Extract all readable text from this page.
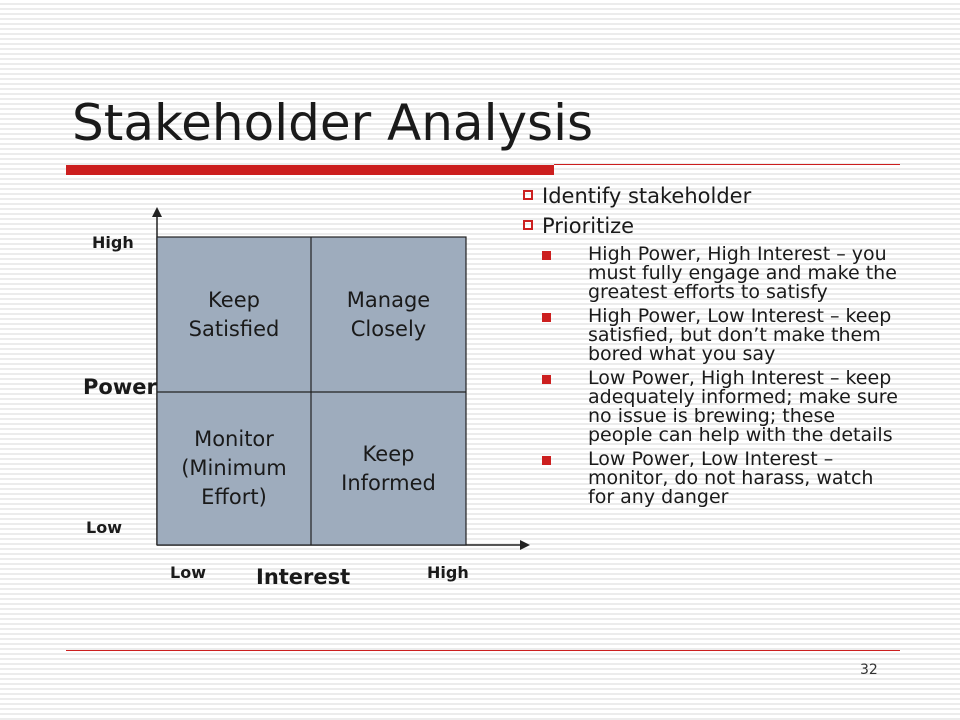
Stakeholder Analysis
Keep
Satisfied
Manage
Closely
Monitor
(Minimum
Effort)
Keep
Informed
High
Power
Low
Low Interest	High
Identify stakeholder
Prioritize
High Power, High Interest – you must fully engage and make the greatest efforts to satisfy
High Power, Low Interest – keep satisfied, but don’t make them bored what you say
Low Power, High Interest – keep adequately informed; make sure no issue is brewing; these people can help with the details
Low Power, Low Interest – monitor, do not harass, watch for any danger
32
